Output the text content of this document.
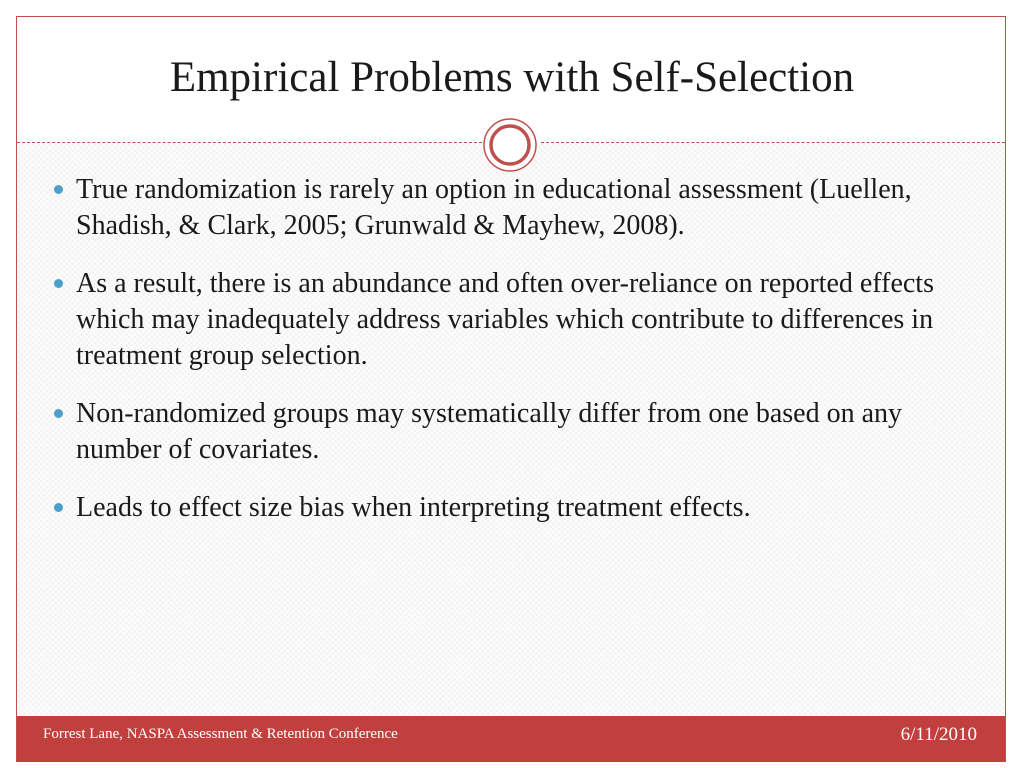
Empirical Problems with Self-Selection
True randomization is rarely an option in educational assessment (Luellen, Shadish, & Clark, 2005; Grunwald & Mayhew, 2008).
As a result, there is an abundance and often over-reliance on reported effects which may inadequately address variables which contribute to differences in treatment group selection.
Non-randomized groups may systematically differ from one based on any number of covariates.
Leads to effect size bias when interpreting treatment effects.
Forrest Lane, NASPA Assessment & Retention Conference	6/11/2010
